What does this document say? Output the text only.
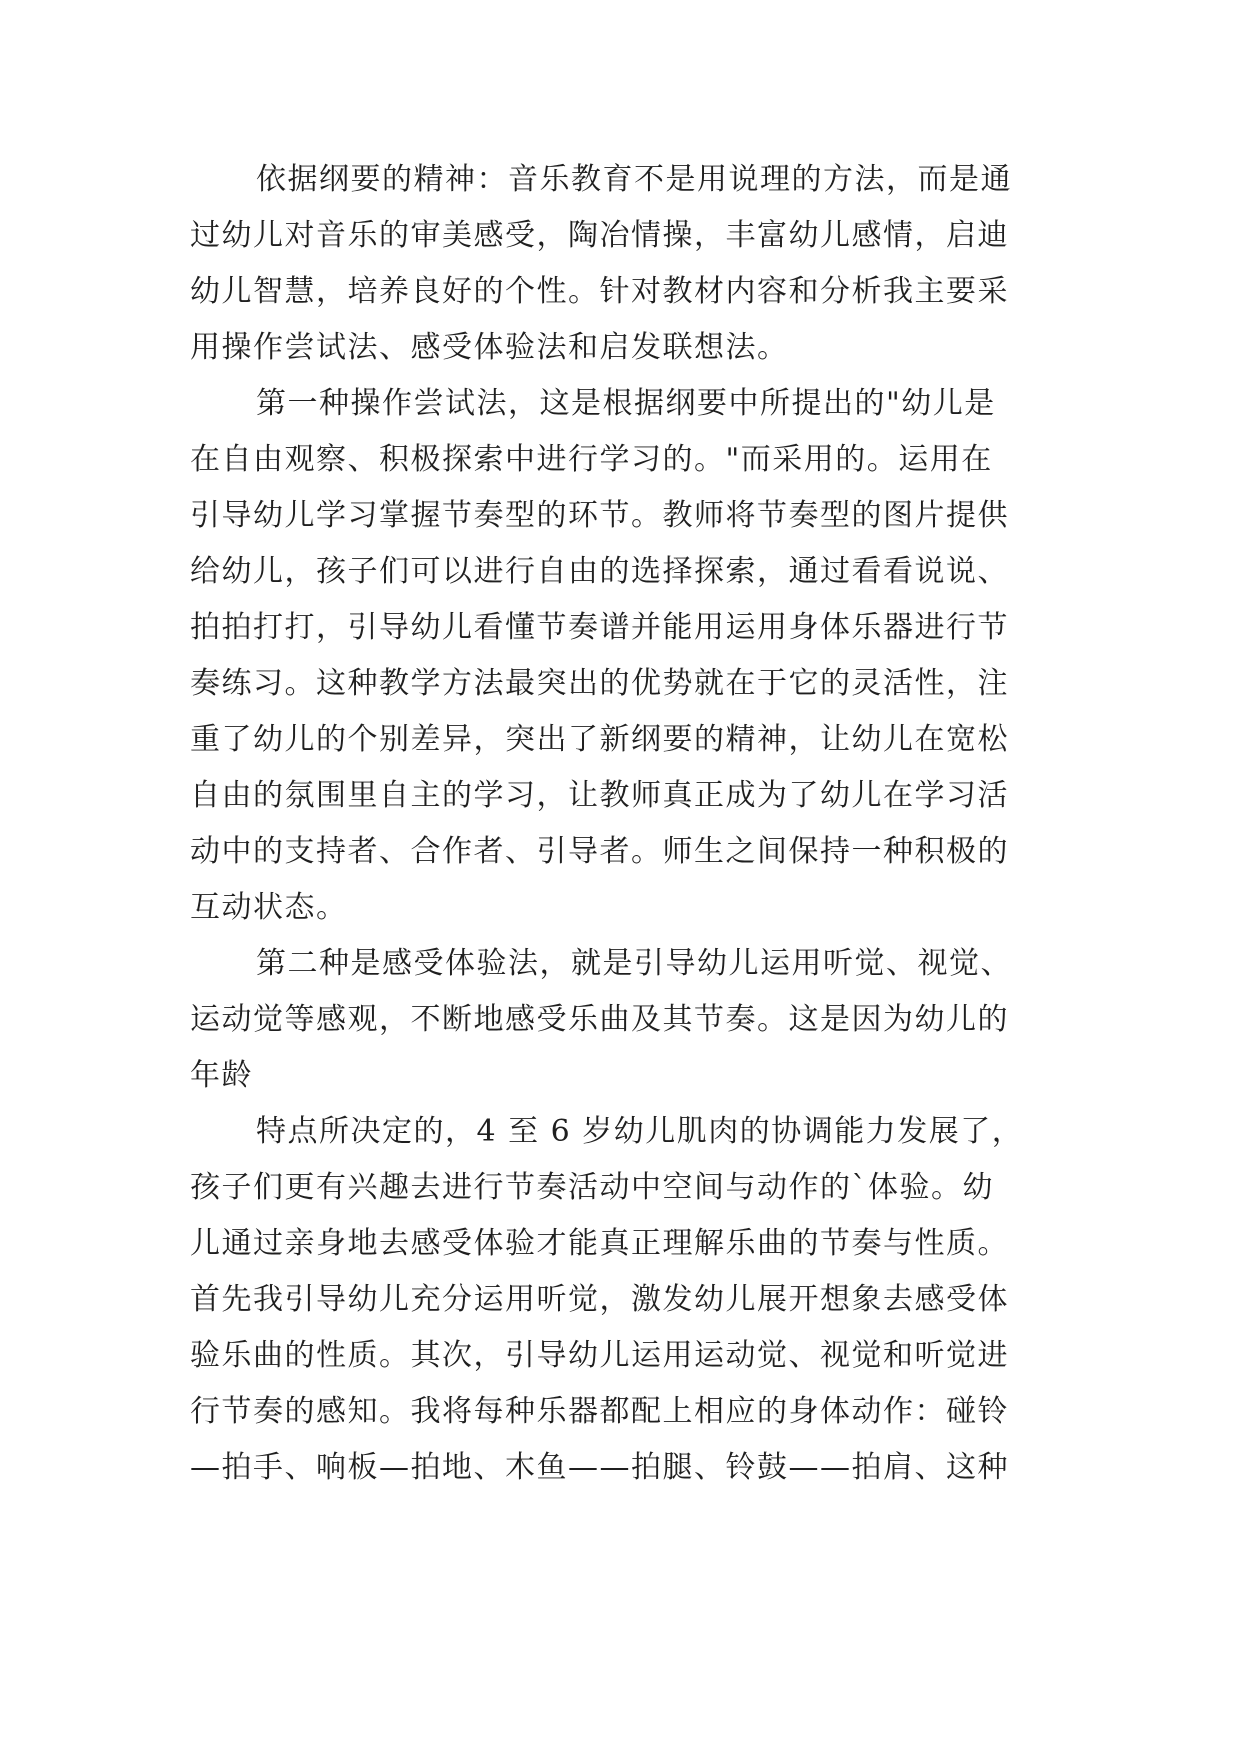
依据纲要的精神：音乐教育不是用说理的方法，而是通
过幼儿对音乐的审美感受，陶冶情操，丰富幼儿感情，启迪
幼儿智慧，培养良好的个性。针对教材内容和分析我主要采
用操作尝试法、感受体验法和启发联想法。
第一种操作尝试法，这是根据纲要中所提出的"幼儿是
在自由观察、积极探索中进行学习的。"而采用的。运用在
引导幼儿学习掌握节奏型的环节。教师将节奏型的图片提供
给幼儿，孩子们可以进行自由的选择探索，通过看看说说、
拍拍打打，引导幼儿看懂节奏谱并能用运用身体乐器进行节
奏练习。这种教学方法最突出的优势就在于它的灵活性，注
重了幼儿的个别差异，突出了新纲要的精神，让幼儿在宽松
自由的氛围里自主的学习，让教师真正成为了幼儿在学习活
动中的支持者、合作者、引导者。师生之间保持一种积极的
互动状态。
第二种是感受体验法，就是引导幼儿运用听觉、视觉、
运动觉等感观，不断地感受乐曲及其节奏。这是因为幼儿的
年龄
特点所决定的，4 至 6 岁幼儿肌肉的协调能力发展了，
孩子们更有兴趣去进行节奏活动中空间与动作的`体验。幼
儿通过亲身地去感受体验才能真正理解乐曲的节奏与性质。
首先我引导幼儿充分运用听觉，激发幼儿展开想象去感受体
验乐曲的性质。其次，引导幼儿运用运动觉、视觉和听觉进
行节奏的感知。我将每种乐器都配上相应的身体动作：碰铃
—拍手、响板—拍地、木鱼——拍腿、铃鼓——拍肩、这种
